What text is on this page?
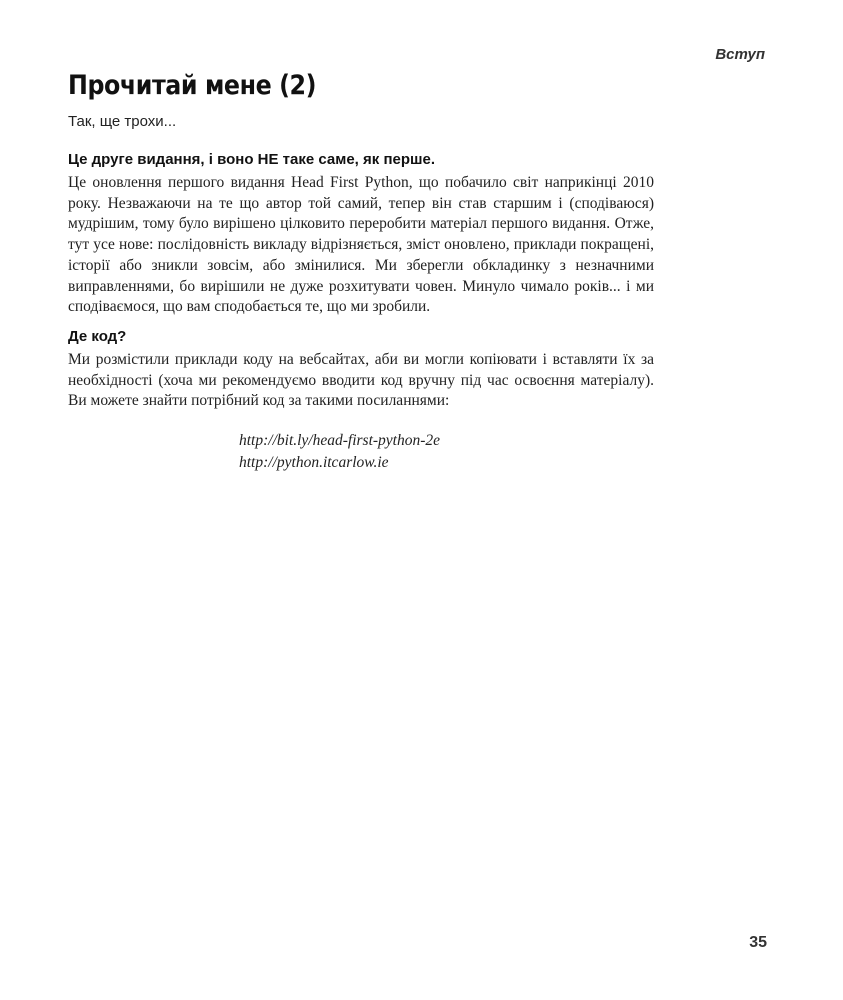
Вступ
Прочитай мене (2)
Так, ще трохи...
Це друге видання, і воно НЕ таке саме, як перше.

Це оновлення першого видання Head First Python, що побачило світ наприкінці 2010 року. Незважаючи на те що автор той самий, тепер він став старшим і (сподіваюся) мудрішим, тому було вирішено цілковито переробити матеріал першого видання. Отже, тут усе нове: послідовність викладу відрізняється, зміст оновлено, приклади покращені, історії або зникли зовсім, або змінилися. Ми зберегли обкладинку з незначними виправленнями, бо вирішили не дуже розхитувати човен. Минуло чимало років... і ми сподіваємося, що вам сподобається те, що ми зробили.

Де код?

Ми розмістили приклади коду на вебсайтах, аби ви могли копіювати і вставляти їх за необхідності (хоча ми рекомендуємо вводити код вручну під час освоєння матеріалу). Ви можете знайти потрібний код за такими посиланнями:

http://bit.ly/head-first-python-2e
http://python.itcarlow.ie
35
